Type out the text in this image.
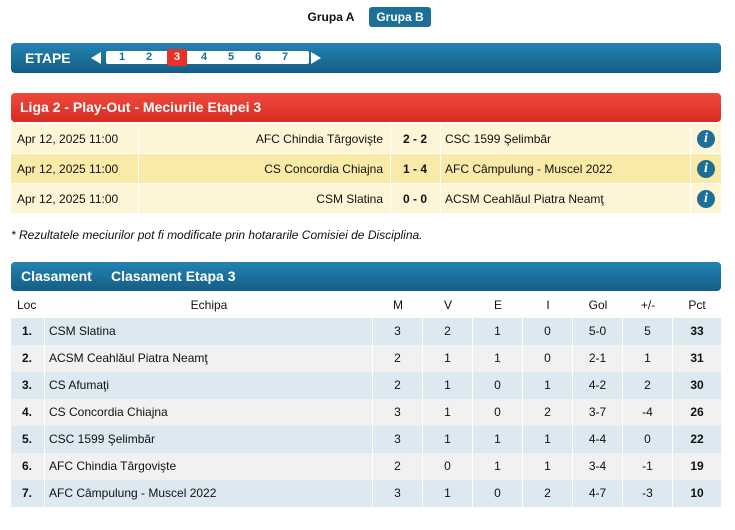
Grupa A	Grupa B
ETAPE	1	2	3	4	5	6	7
Liga 2 - Play-Out - Meciurile Etapei 3
Apr 12, 2025 11:00	AFC Chindia Târgovişte	2 - 2	CSC 1599 Şelimbăr	i
Apr 12, 2025 11:00	CS Concordia Chiajna	1 - 4	AFC Câmpulung - Muscel 2022	i
Apr 12, 2025 11:00	CSM Slatina	0 - 0	ACSM Ceahlăul Piatra Neamţ	i
* Rezultatele meciurilor pot fi modificate prin hotararile Comisiei de Disciplina.
Clasament Clasament Etapa 3
Loc	Echipa	M	V	E	I	Gol	+/-	Pct
1.	CSM Slatina	3	2	1	0	5-0	5	33
2.	ACSM Ceahlăul Piatra Neamţ	2	1	1	0	2-1	1	31
3.	CS Afumaţi	2	1	0	1	4-2	2	30
4.	CS Concordia Chiajna	3	1	0	2	3-7	-4	26
5.	CSC 1599 Şelimbăr	3	1	1	1	4-4	0	22
6.	AFC Chindia Târgovişte	2	0	1	1	3-4	-1	19
7.	AFC Câmpulung - Muscel 2022	3	1	0	2	4-7	-3	10
